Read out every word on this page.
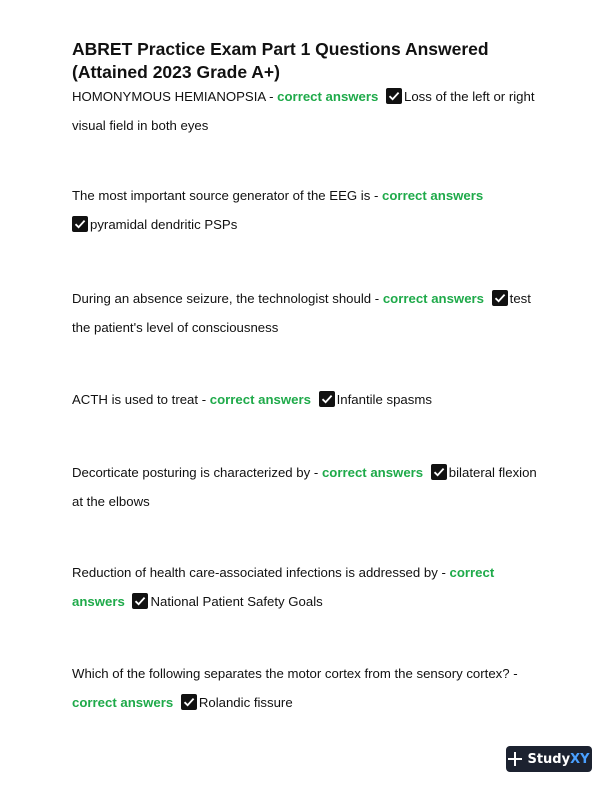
ABRET Practice Exam Part 1 Questions Answered
(Attained 2023 Grade A+)

HOMONYMOUS HEMIANOPSIA - correct answers Loss of the left or right visual field in both eyes

The most important source generator of the EEG is - correct answers

pyramidal dendritic PSPs

During an absence seizure, the technologist should - correct answers test the patient's level of consciousness

ACTH is used to treat - correct answers Infantile spasms

Decorticate posturing is characterized by - correct answers bilateral flexion at the elbows

Reduction of health care-associated infections is addressed by - correct answers National Patient Safety Goals

Which of the following separates the motor cortex from the sensory cortex? - correct answers Rolandic fissure

StudyXY
